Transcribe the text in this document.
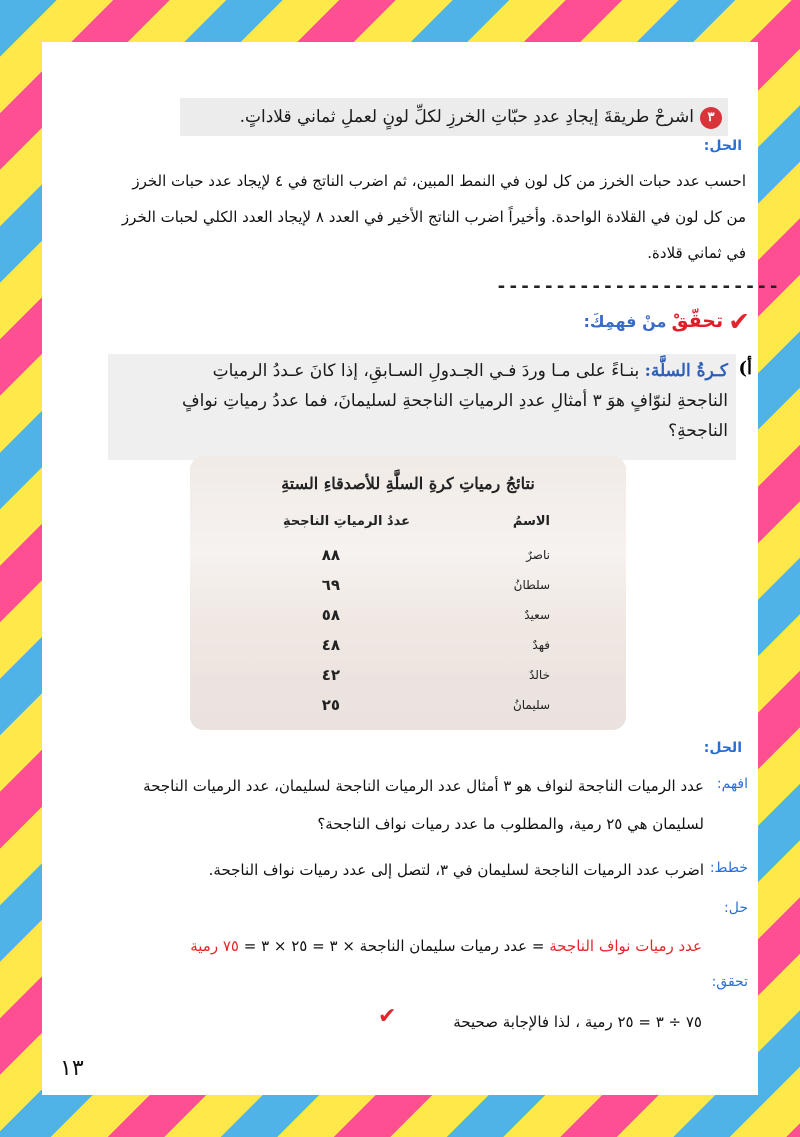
٣اشرحْ طريقةَ إيجادِ عددِ حبّاتِ الخرزِ لكلِّ لونٍ لعملِ ثماني قلاداتٍ.
الحل:
احسب عدد حبات الخرز من كل لون في النمط المبين، ثم اضرب الناتج في ٤ لإيجاد عدد حبات الخرز
من كل لون في القلادة الواحدة. وأخيراً اضرب الناتج الأخير في العدد ٨ لإيجاد العدد الكلي لحبات الخرز
في ثماني قلادة.
------------------------
✔ تحقّقْ منْ فهمِكَ:
كـرةُ السلَّة: بنـاءً على مـا وردَ فـي الجـدولِ السـابقِ، إذا كانَ عـددُ الرمياتِ
الناجحةِ لنوّافٍ هوَ ٣ أمثالِ عددِ الرمياتِ الناجحةِ لسليمانَ، فما عددُ رمياتِ نوافٍ
الناجحةِ؟
أ)
نتائجُ رمياتِ كرةِ السلَّةِ للأصدقاءِ الستةِ
الاسمُ
عددُ الرمياتِ الناجحةِ
ناصرٌ
٨٨
سلطانُ
٦٩
سعيدٌ
٥٨
فهدٌ
٤٨
خالدٌ
٤٢
سليمانُ
٢٥
الحل:
افهم:
عدد الرميات الناجحة لنواف هو ٣ أمثال عدد الرميات الناجحة لسليمان، عدد الرميات الناجحة
لسليمان هي ٢٥ رمية، والمطلوب ما عدد رميات نواف الناجحة؟
خطط:
اضرب عدد الرميات الناجحة لسليمان في ٣، لتصل إلى عدد رميات نواف الناجحة.
حل:
عدد رميات نواف الناجحة = عدد رميات سليمان الناجحة × ٣ = ٢٥ × ٣ = ٧٥ رمية
تحقق:
٧٥ ÷ ٣ = ٢٥ رمية ، لذا فالإجابة صحيحة
✔
١٣
